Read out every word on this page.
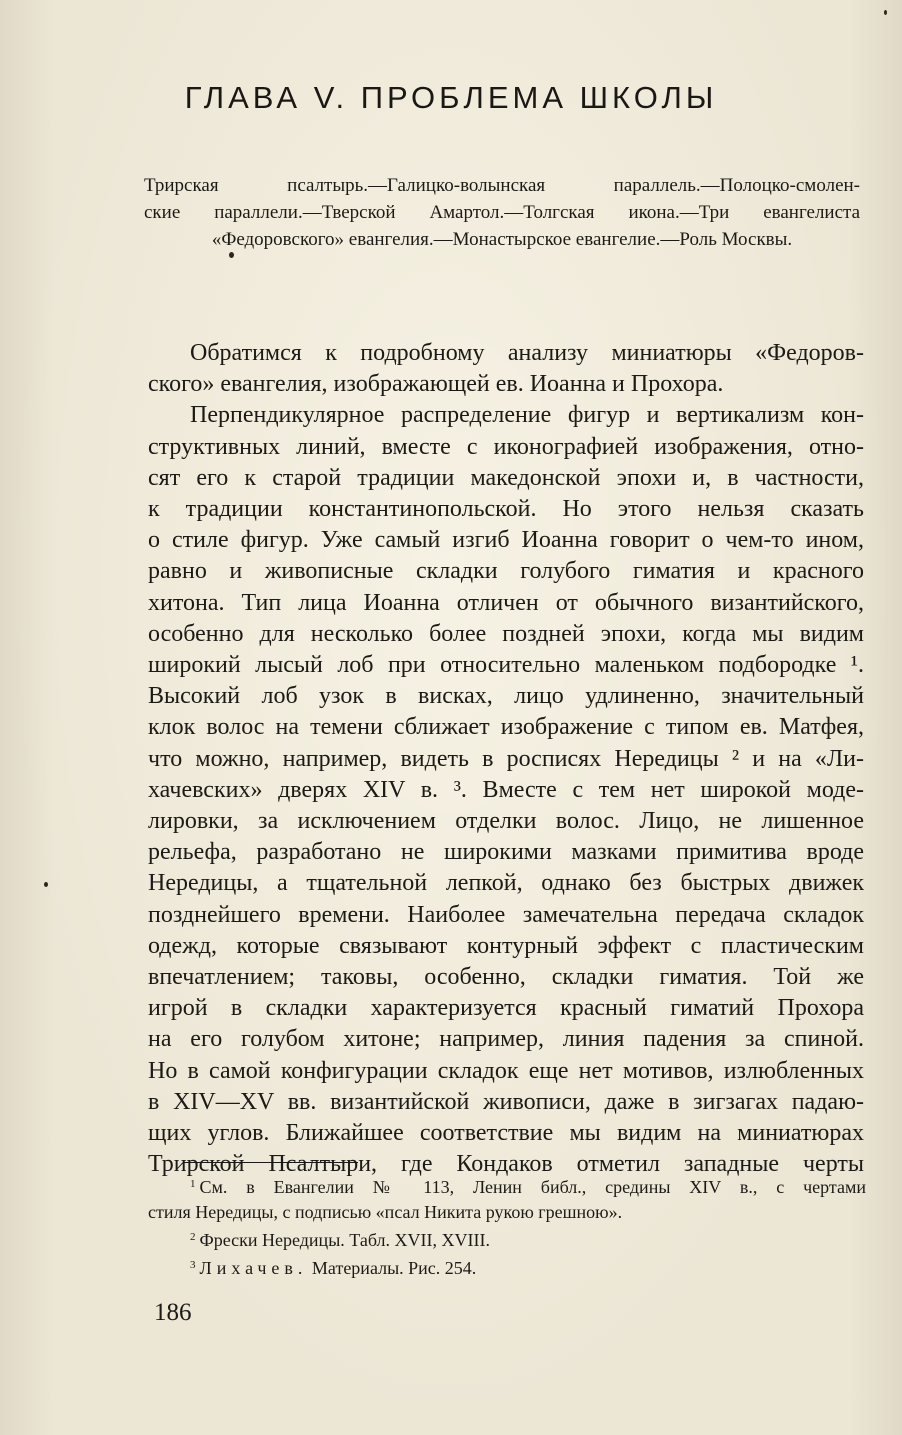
ГЛАВА V. ПРОБЛЕМА ШКОЛЫ
Трирская псалтырь.—Галицко-волынская параллель.—Полоцко-смолен-
ские параллели.—Тверской Амартол.—Толгская икона.—Три евангелиста
«Федоровского» евангелия.—Монастырское евангелие.—Роль Москвы.
Обратимся к подробному анализу миниатюры «Федоров-
ского» евангелия, изображающей ев. Иоанна и Прохора.
Перпендикулярное распределение фигур и вертикализм кон-
структивных линий, вместе с иконографией изображения, отно-
сят его к старой традиции македонской эпохи и, в частности,
к традиции константинопольской. Но этого нельзя сказать
о стиле фигур. Уже самый изгиб Иоанна говорит о чем-то ином,
равно и живописные складки голубого гиматия и красного
хитона. Тип лица Иоанна отличен от обычного византийского,
особенно для несколько более поздней эпохи, когда мы видим
широкий лысый лоб при относительно маленьком подбородке ¹.
Высокий лоб узок в висках, лицо удлиненно, значительный
клок волос на темени сближает изображение с типом ев. Матфея,
что можно, например, видеть в росписях Нередицы ² и на «Ли-
хачевских» дверях XIV в. ³. Вместе с тем нет широкой моде-
лировки, за исключением отделки волос. Лицо, не лишенное
рельефа, разработано не широкими мазками примитива вроде
Нередицы, а тщательной лепкой, однако без быстрых движек
позднейшего времени. Наиболее замечательна передача складок
одежд, которые связывают контурный эффект с пластическим
впечатлением; таковы, особенно, складки гиматия. Той же
игрой в складки характеризуется красный гиматий Прохора
на его голубом хитоне; например, линия падения за спиной.
Но в самой конфигурации складок еще нет мотивов, излюбленных
в XIV—XV вв. византийской живописи, даже в зигзагах падаю-
щих углов. Ближайшее соответствие мы видим на миниатюрах
Трирской Псалтыри, где Кондаков отметил западные черты
$^1$ См. в Евангелии № 113, Ленин библ., средины XIV в., с чертами
стиля Нередицы, с подписью «псал Никита рукою грешною».
$^2$ Фрески Нередицы. Табл. XVII, XVIII.
$^3$ Лихачев. Материалы. Рис. 254.
186
